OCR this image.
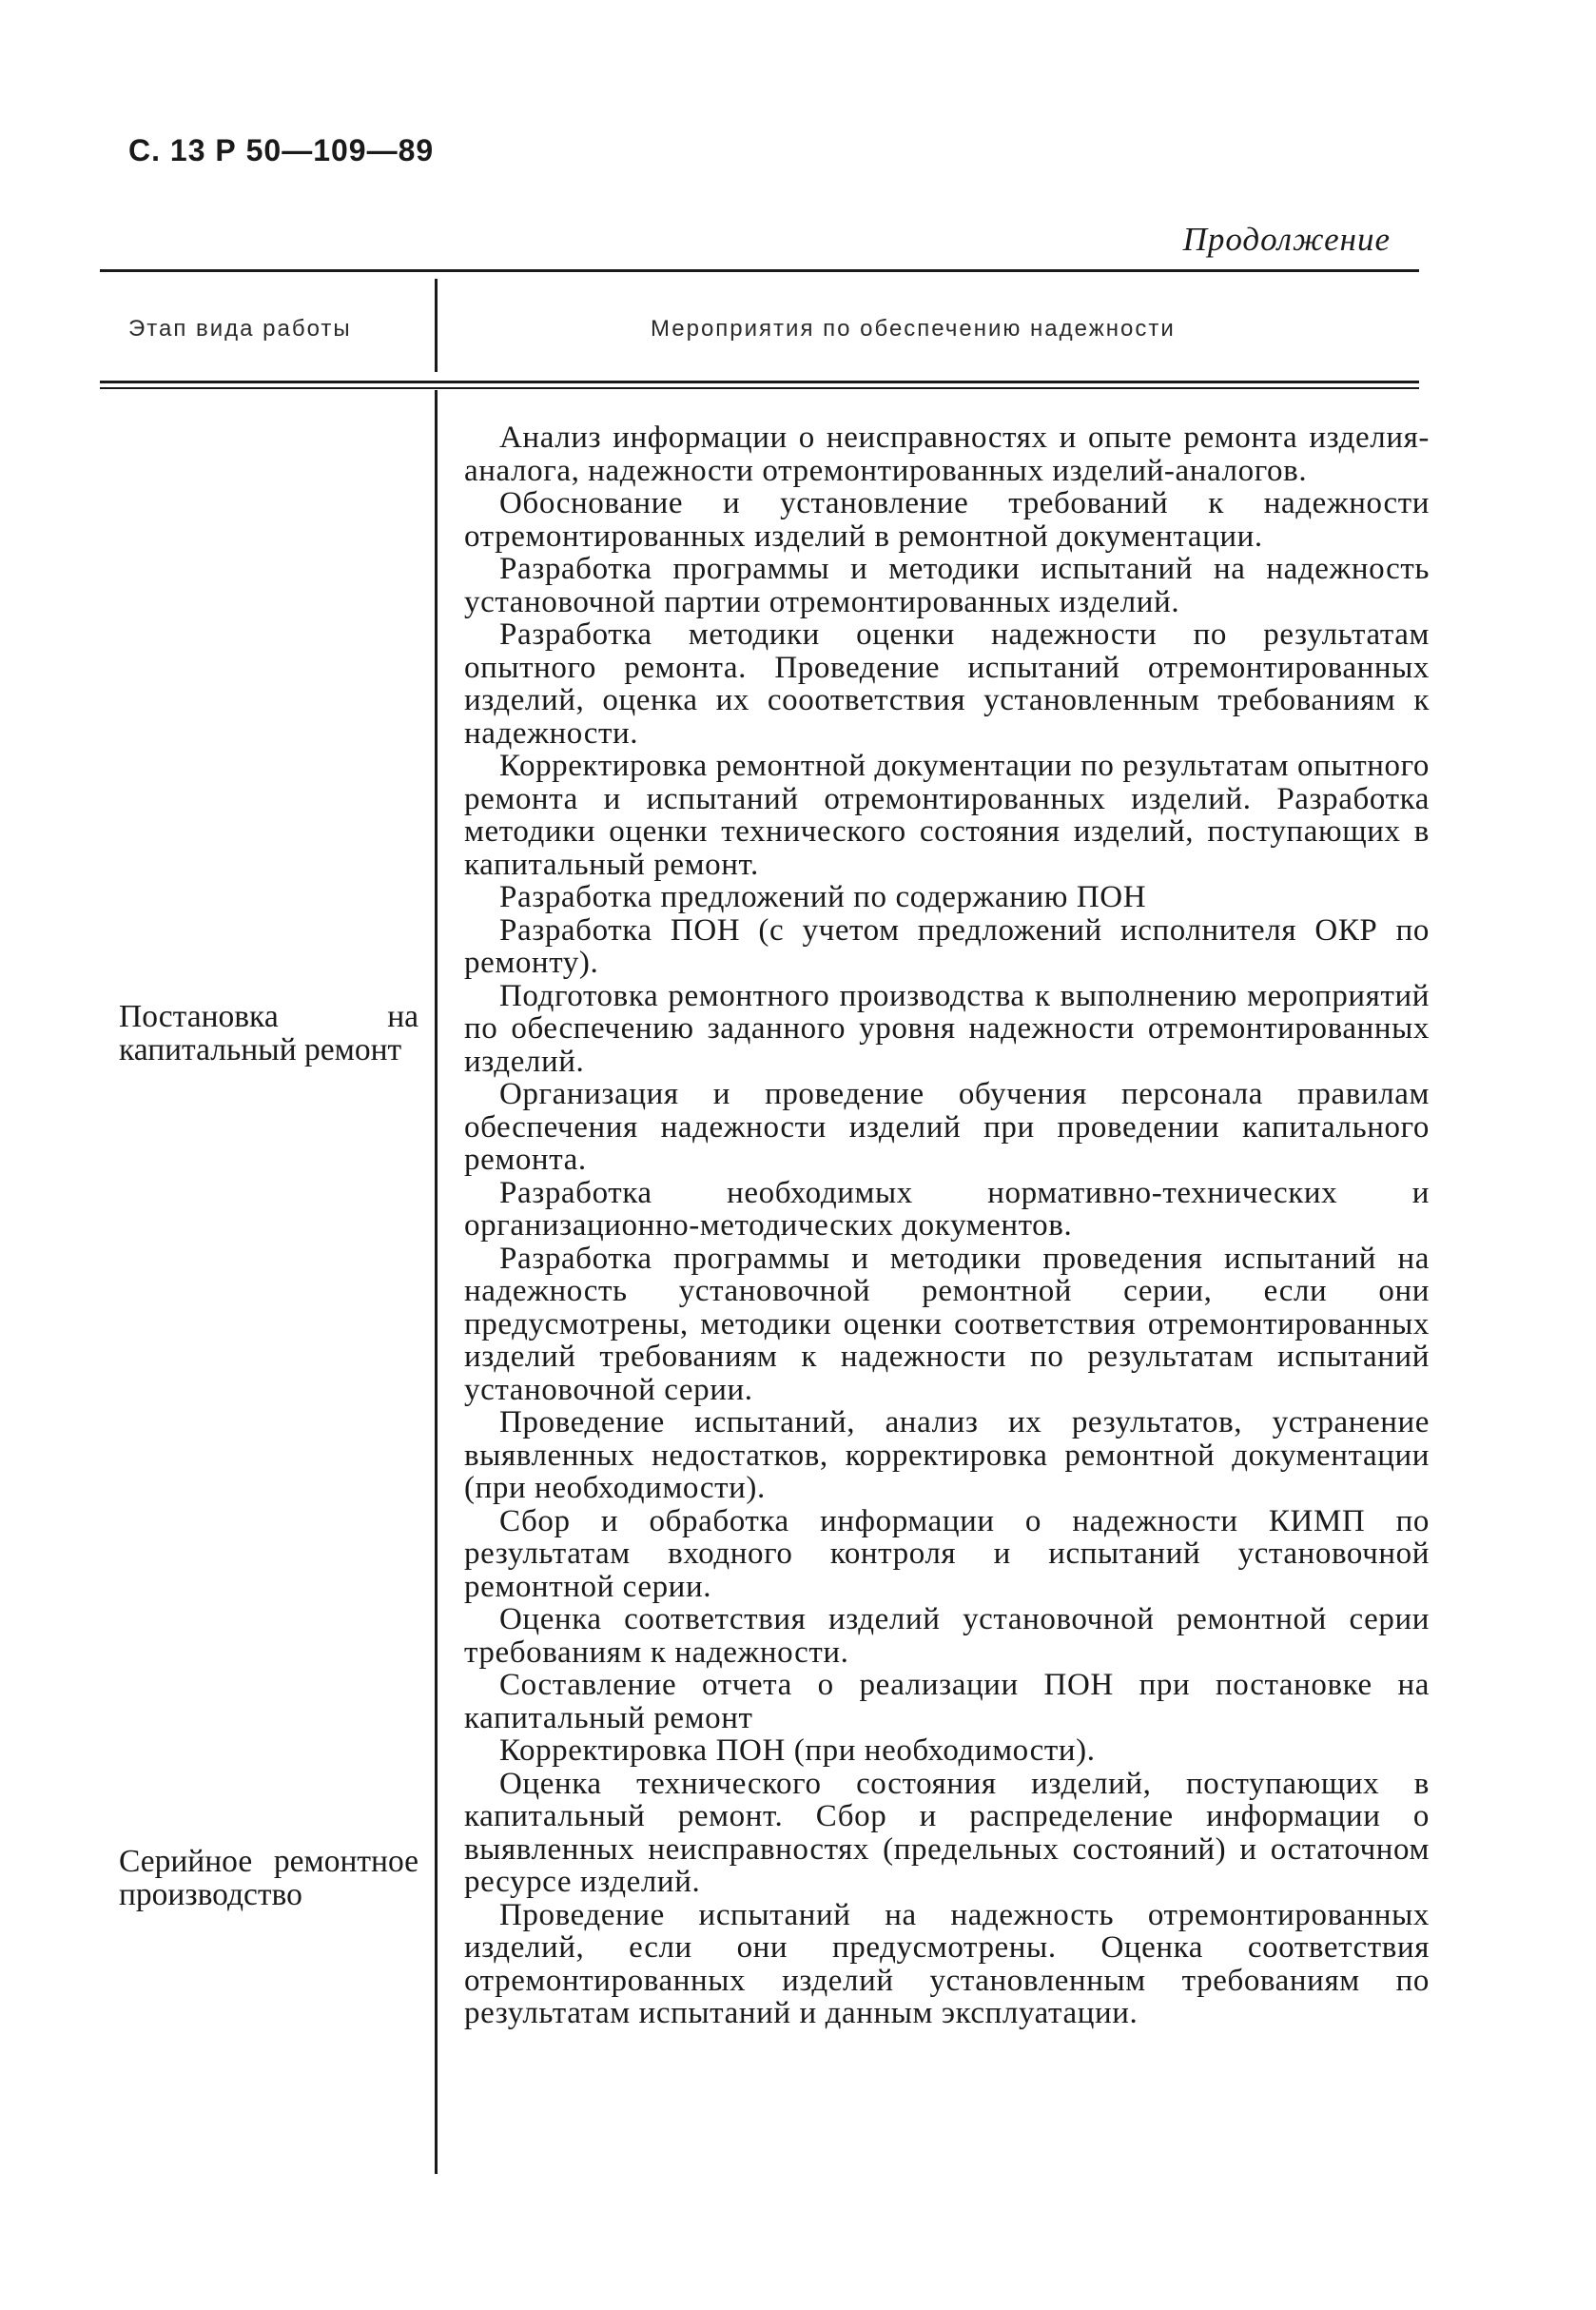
С. 13 Р 50—109—89
Продолжение
Этап вида работы	Мероприятия по обеспечению надежности
Постановка на капитальный ремонт
Серийное ремонтное производство

Анализ информации о неисправностях и опыте ремонта изделия-аналога, надежности отремонтированных изделий-аналогов.

Обоснование и установление требований к надежности отремонтированных изделий в ремонтной документации.

Разработка программы и методики испытаний на надежность установочной партии отремонтированных изделий.

Разработка методики оценки надежности по результатам опытного ремонта. Проведение испытаний отремонтированных изделий, оценка их сооответствия установленным требованиям к надежности.

Корректировка ремонтной документации по результатам опытного ремонта и испытаний отремонтированных изделий. Разработка методики оценки технического состояния изделий, поступающих в капитальный ремонт.

Разработка предложений по содержанию ПОН

Разработка ПОН (с учетом предложений исполнителя ОКР по ремонту).

Подготовка ремонтного производства к выполнению мероприятий по обеспечению заданного уровня надежности отремонтированных изделий.

Организация и проведение обучения персонала правилам обеспечения надежности изделий при проведении капитального ремонта.

Разработка необходимых нормативно-технических и организационно-методических документов.

Разработка программы и методики проведения испытаний на надежность установочной ремонтной серии, если они предусмотрены, методики оценки соответствия отремонтированных изделий требованиям к надежности по результатам испытаний установочной серии.

Проведение испытаний, анализ их результатов, устранение выявленных недостатков, корректировка ремонтной документации (при необходимости).

Сбор и обработка информации о надежности КИМП по результатам входного контроля и испытаний установочной ремонтной серии.

Оценка соответствия изделий установочной ремонтной серии требованиям к надежности.

Составление отчета о реализации ПОН при постановке на капитальный ремонт

Корректировка ПОН (при необходимости).

Оценка технического состояния изделий, поступающих в капитальный ремонт. Сбор и распределение информации о выявленных неисправностях (предельных состояний) и остаточном ресурсе изделий.

Проведение испытаний на надежность отремонтированных изделий, если они предусмотрены. Оценка соответствия отремонтированных изделий установленным требованиям по результатам испытаний и данным эксплуатации.
